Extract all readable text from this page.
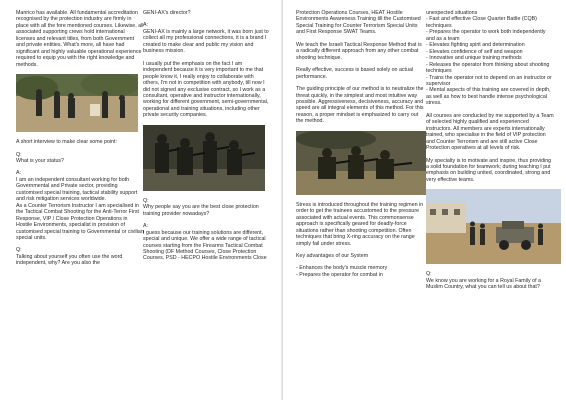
Manrico has available. All fundamental accreditation recognised by the protection industry are firmly in place with all the fore mentioned courses. Likewise, all associated supporting crews hold international licenses and relevant titles, from both Government and private entities. What's more, all have had significant and highly valuable operational experience required to equip you with the right knowledge and methods.

A short interview to make clear some point:

Q:

What is your status?

A:

I am an independent consultant working for both Governmental and Private sector, providing customised special training, tactical stability support and risk mitigation services worldwide.

As a Counter Terrorism Instructor I am specialised in the Tactical Combat Shooting for the Anti-Terror First Response, VIP / Close Protection Operations in Hostile Environments, specialist in provision of customised special training to Governmental or civilian special units.

Q:

Talking about yourself you often use the word independent, why? Are you also the

GENI-AX's director?

A:

GENI-AX is mainly a large network, it was born just to collect all my professional connections, it is a brand I created to make clear and public my vision and business mission.

I usually put the emphasis on the fact I am independent because it is very important to me that people know it, I really enjoy to collaborate with others, I'm not in competition with anybody, till now I did not signed any exclusive contract, so I work as a consultant, operative and instructor internationally, working for different government, semi-governmental, operational and training situations, including other private security companies.

Q:

Why people say you are the best close protection training provider nowadays?

A:

I guess because our training solutions are different, special and unique. We offer a wide range of tactical courses starting from the Firearms Tactical Combat Shooting (DF Method Courses, Close Protection Courses, PSD - HECPO Hostile Environments Close

Protection Operations Courses, HEAT Hostile Environments Awareness Training till the Customised Special Training for Counter Terrorism Special Units and First Response SWAT Teams.

We teach the Israeli Tactical Response Method that is a radically different approach from any other combat shooting technique.

Really effective, success is based solely on actual performance.

The guiding principle of our method is to neutralize the threat quickly, in the simplest and most intuitive way possible. Aggressiveness, decisiveness, accuracy and speed are all integral elements of this method. For this reason, a proper mindset is emphasized to carry out the method.

Stress is introduced throughout the training regimen in order to get the trainees accustomed to the pressure associated with actual events. This commonsense approach is specifically geared for deadly-force situations rather than shooting competition. Often techniques that bring X-ring accuracy on the range simply fail under stress.

Key advantages of our System

- Enhances the body's muscle memory

- Prepares the operator for combat in

unexpected situations
- Fast and effective Close Quarter Battle (CQB) techniques
- Prepares the operator to work both independently and as a team
- Elevates fighting spirit and determination
- Elevates confidence of self and weapon
- Innovative and unique training methods
- Releases the operator from thinking about shooting techniques
- Trains the operator not to depend on an instructor or supervisor
- Mental aspects of this training are covered in depth, as well as how to best handle intense psychological stress.

All courses are conducted by me supported by a Team of selected highly qualified and experienced instructors. All members are experts internationally trained, who specialise in the field of VIP protection and Counter Terrorism and are still active Close Protection operatives at all levels of risk.

My specialty is to motivate and inspire, thus providing a solid foundation for teamwork; during teaching I put emphasis on building united, coordinated, strong and very effective teams.

Q:

We know you are working for a Royal Family of a Muslim Country, what you can tell us about that?
